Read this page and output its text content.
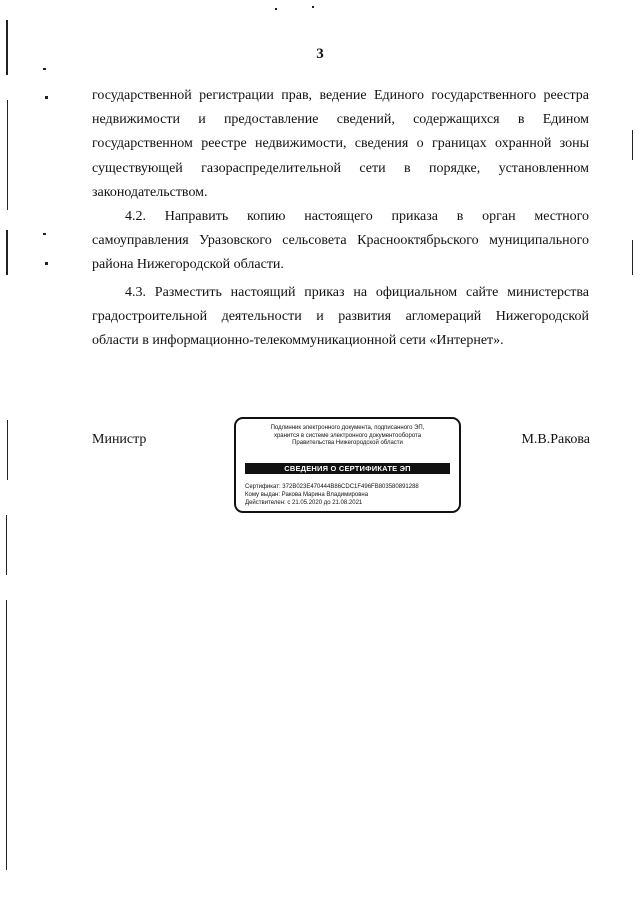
3

государственной регистрации прав, ведение Единого государственного реестра

недвижимости и предоставление сведений, содержащихся в Едином

государственном реестре недвижимости, сведения о границах охранной зоны

существующей газораспределительной сети в порядке, установленном

законодательством.

4.2. Направить копию настоящего приказа в орган местного

самоуправления Уразовского сельсовета Краснооктябрьского муниципального

района Нижегородской области.

4.3. Разместить настоящий приказ на официальном сайте министерства

градостроительной деятельности и развития агломераций Нижегородской

области в информационно-телекоммуникационной сети «Интернет».

Министр	М.В.Ракова
Подлинник электронного документа, подписанного ЭП,
хранится в системе электронного документооборота
Правительства Нижегородской области
СВЕДЕНИЯ О СЕРТИФИКАТЕ ЭП
Сертификат: 372B023E470444B86CDC1F496FB803580891288
Кому выдан: Ракова Марина Владимировна
Действителен: с 21.05.2020 до 21.08.2021
